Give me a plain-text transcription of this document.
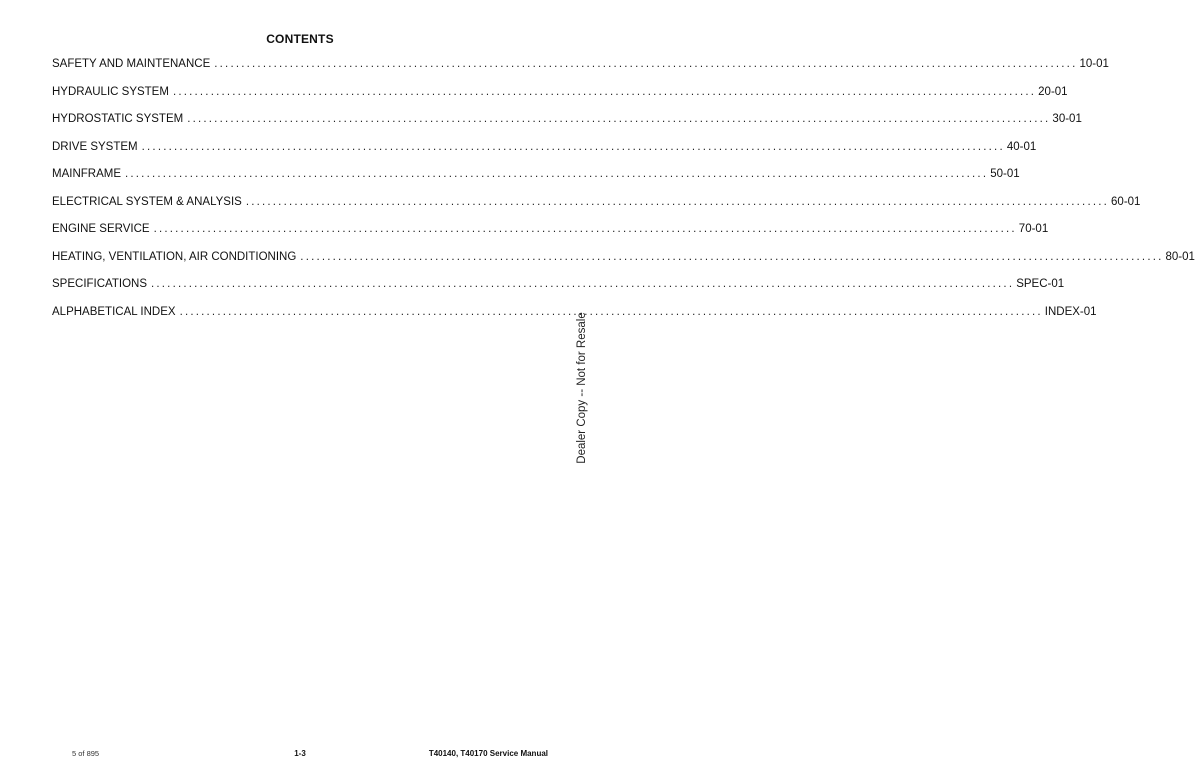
CONTENTS
SAFETY AND MAINTENANCE ................................................................................................................................................................ 10-01
HYDRAULIC SYSTEM ................................................................................................................................................................ 20-01
HYDROSTATIC SYSTEM ................................................................................................................................................................ 30-01
DRIVE SYSTEM ................................................................................................................................................................ 40-01
MAINFRAME ................................................................................................................................................................ 50-01
ELECTRICAL SYSTEM & ANALYSIS ................................................................................................................................................................ 60-01
ENGINE SERVICE ................................................................................................................................................................ 70-01
HEATING, VENTILATION, AIR CONDITIONING ................................................................................................................................................................ 80-01
SPECIFICATIONS ................................................................................................................................................................ SPEC-01
ALPHABETICAL INDEX ................................................................................................................................................................ INDEX-01
Dealer Copy -- Not for Resale
5 of 895	1-3	T40140, T40170 Service Manual
